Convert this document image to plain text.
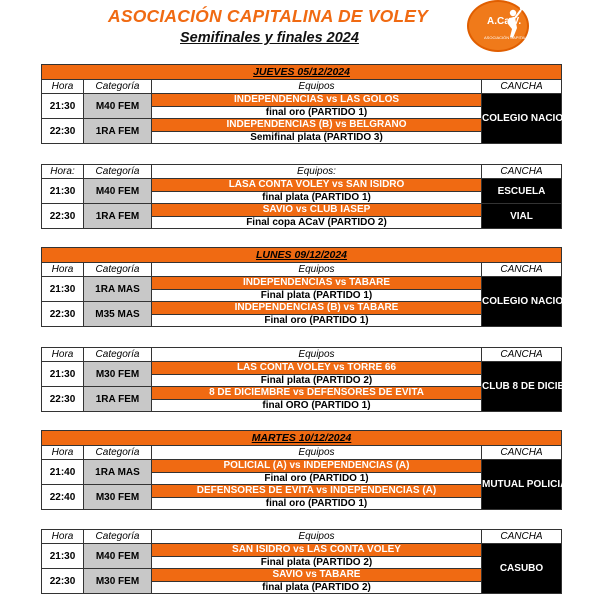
ASOCIACIÓN CAPITALINA DE VOLEY
Semifinales y finales 2024
A.Ca.V.
ASOCIACIÓN CAPITALINA DE VOLEY
JUEVES 05/12/2024			
Hora	Categoría	Equipos	CANCHA
21:30	M40 FEM	INDEPENDENCIAS vs LAS GOLOS	COLEGIO NACIONAL
		final oro (PARTIDO 1)	
22:30	1RA FEM	INDEPENDENCIAS (B) vs BELGRANO	
		Semifinal plata (PARTIDO 3)	
Hora:	Categoría	Equipos:	CANCHA
21:30	M40 FEM	LASA CONTA VOLEY vs SAN ISIDRO	ESCUELA
		final plata (PARTIDO 1)	
22:30	1RA FEM	SAVIO vs CLUB IASEP	VIAL
		Final copa ACaV (PARTIDO 2)	
LUNES 09/12/2024			
Hora	Categoría	Equipos	CANCHA
21:30	1RA MAS	INDEPENDENCIAS vs TABARE	COLEGIO NACIONAL
		Final plata (PARTIDO 1)	
22:30	M35 MAS	INDEPENDENCIAS (B) vs TABARE	
		Final oro (PARTIDO 1)	
Hora	Categoría	Equipos	CANCHA
21:30	M30 FEM	LAS CONTA VOLEY vs TORRE 66	CLUB 8 DE DICIEMBRE
		Final plata (PARTIDO 2)	
22:30	1RA FEM	8 DE DICIEMBRE vs DEFENSORES DE EVITA	
		final ORO (PARTIDO 1)	
MARTES 10/12/2024			
Hora	Categoría	Equipos	CANCHA
21:40	1RA MAS	POLICIAL (A) vs INDEPENDENCIAS (A)	MUTUAL POLICIAL
		Final oro (PARTIDO 1)	
22:40	M30 FEM	DEFENSORES DE EVITA vs INDEPENDENCIAS (A)	
		final oro (PARTIDO 1)	
Hora	Categoría	Equipos	CANCHA
21:30	M40 FEM	SAN ISIDRO vs LAS CONTA VOLEY	CASUBO
		Final plata (PARTIDO 2)	
22:30	M30 FEM	SAVIO vs TABARE	
		final plata (PARTIDO 2)	
